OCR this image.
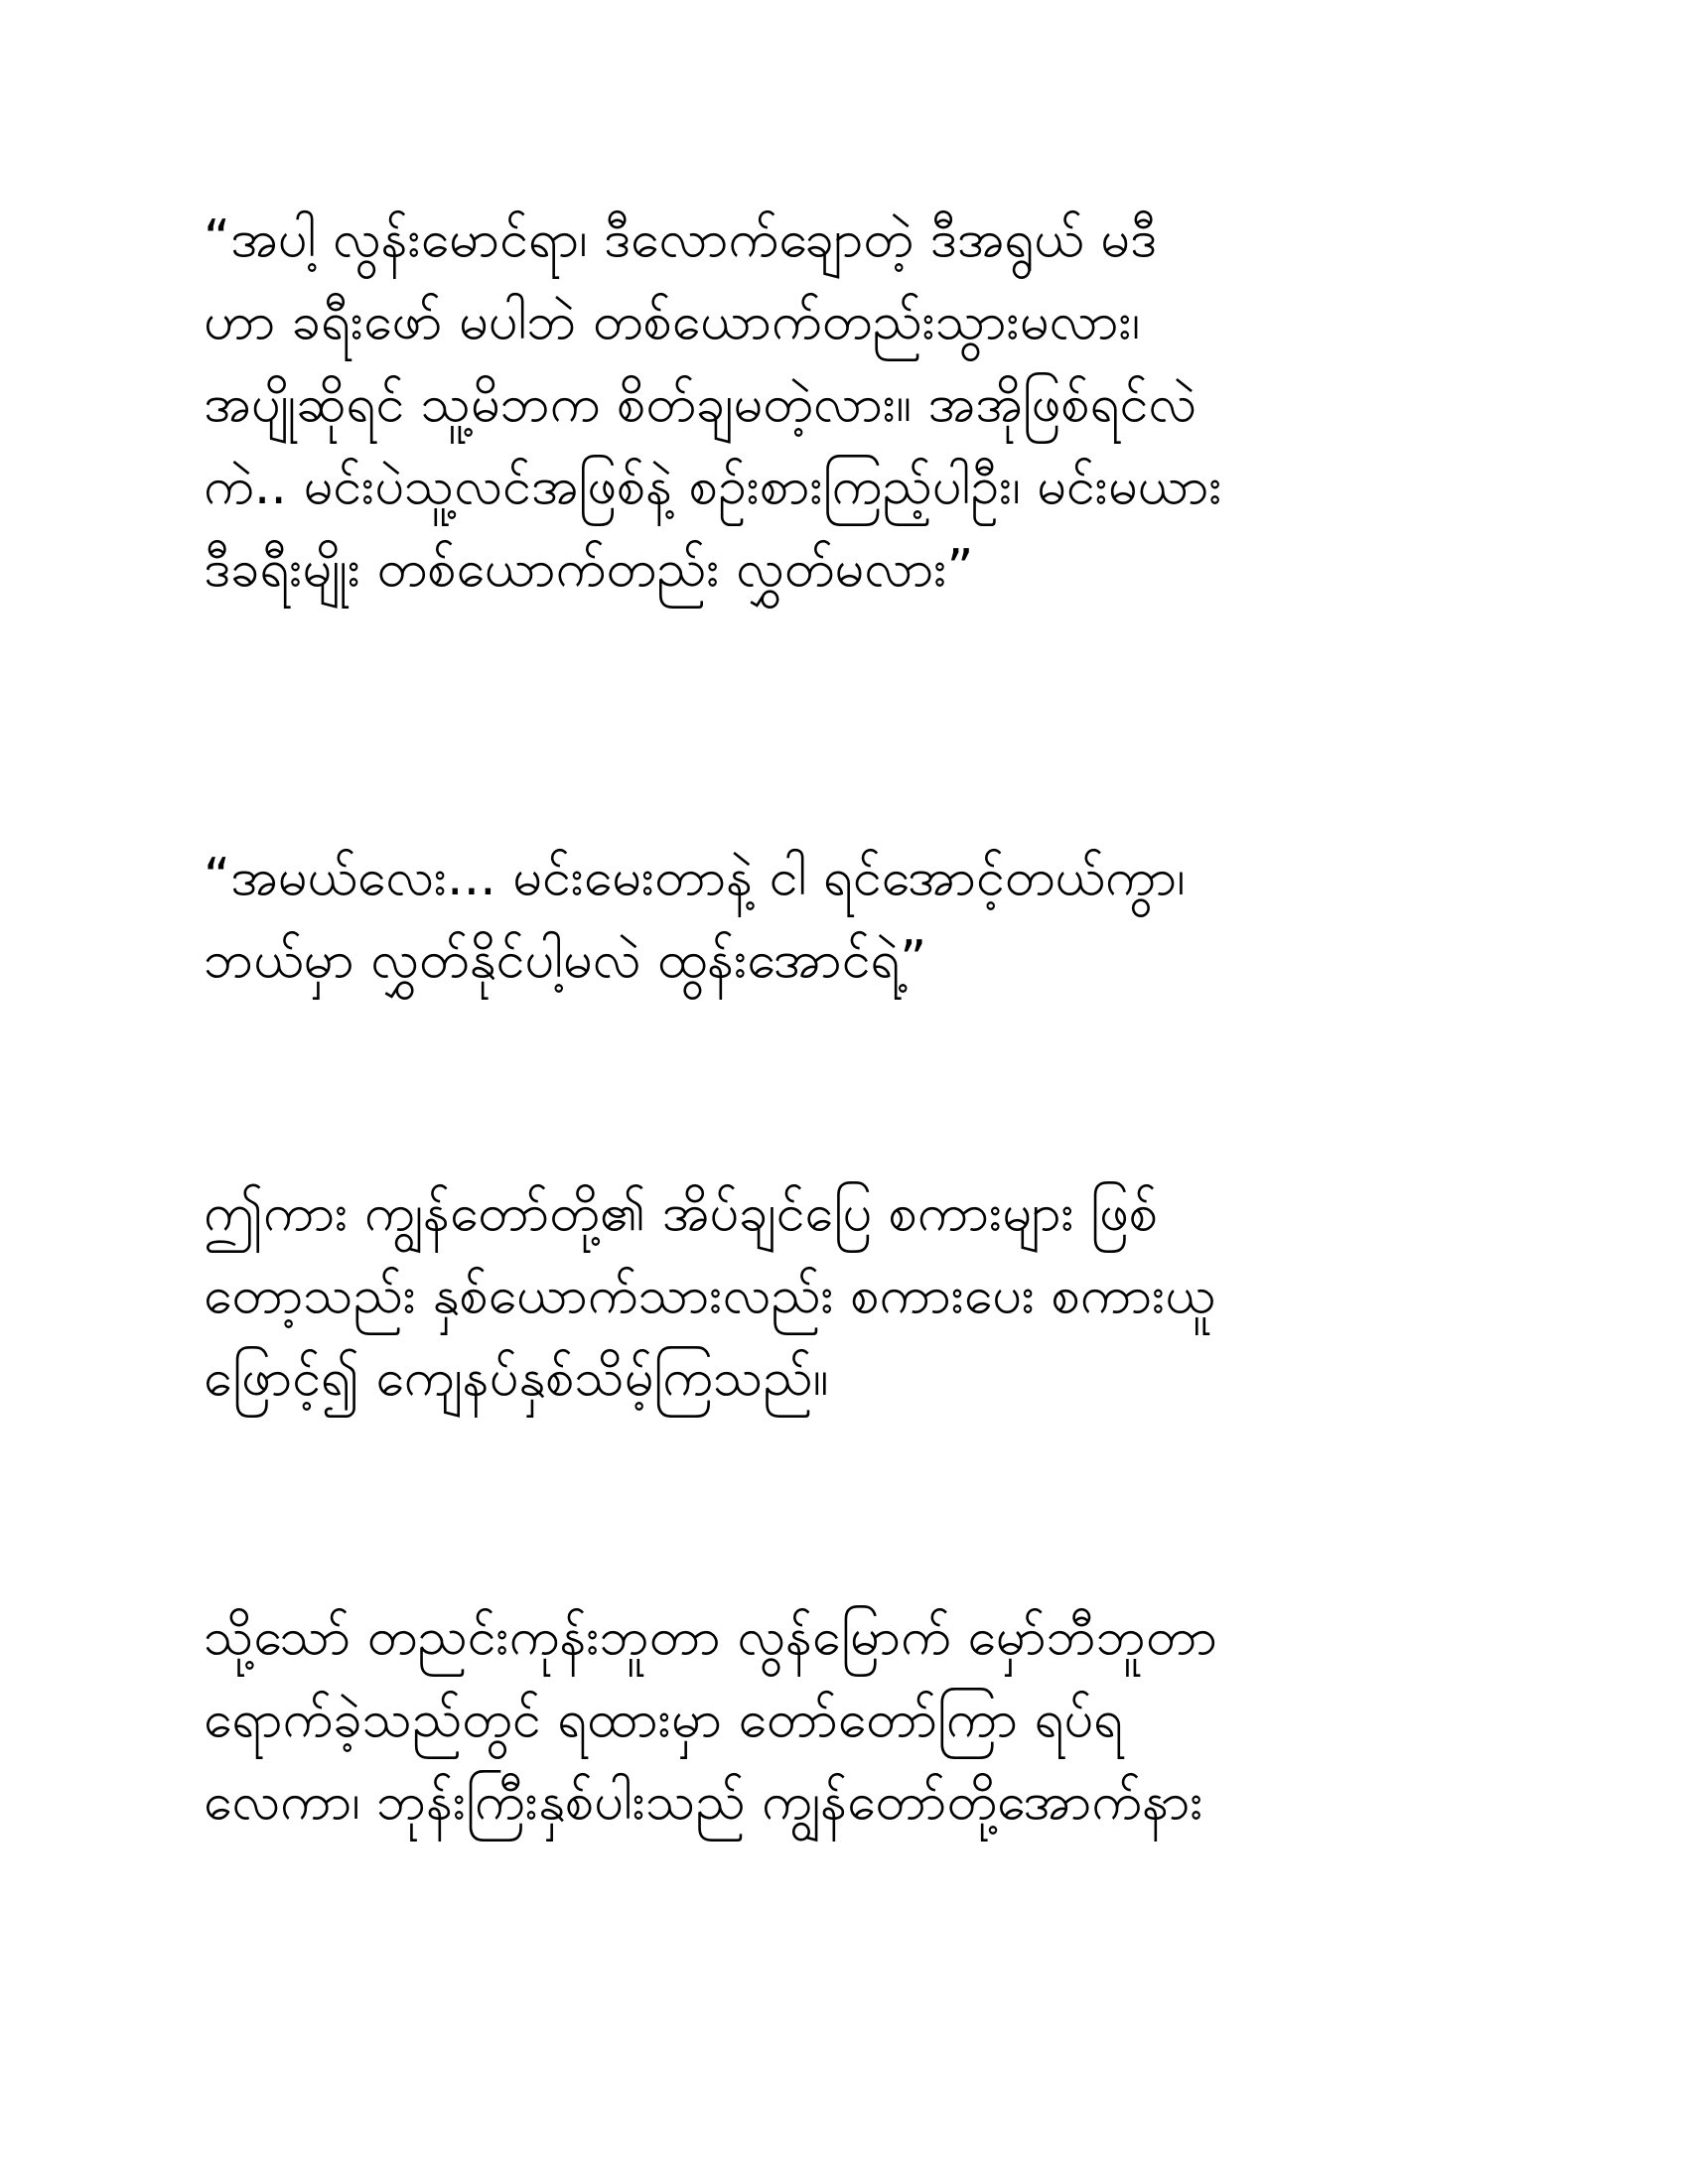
“အပါ့ လွန်းမောင်ရာ၊ ဒီလောက်ချောတဲ့ ဒီအရွယ် မဒီ
ဟာ ခရီးဖော် မပါဘဲ တစ်ယောက်တည်းသွားမလား၊
အပျိုဆိုရင် သူ့မိဘက စိတ်ချမတဲ့လား။ အအိုဖြစ်ရင်လဲ
ကဲ.. မင်းပဲသူ့လင်အဖြစ်နဲ့ စဉ်းစားကြည့်ပါဦး၊ မင်းမယား
ဒီခရီးမျိုး တစ်ယောက်တည်း လွှတ်မလား”
“အမယ်လေး... မင်းမေးတာနဲ့ ငါ ရင်အောင့်တယ်ကွာ၊
ဘယ်မှာ လွှတ်နိုင်ပါ့မလဲ ထွန်းအောင်ရဲ့”
ဤကား ကျွန်တော်တို့၏ အိပ်ချင်ပြေ စကားများ ဖြစ်
တော့သည်း နှစ်ယောက်သားလည်း စကားပေး စကားယူ
ဖြောင့်၍ ကျေနပ်နှစ်သိမ့်ကြသည်။
သို့သော် တညင်းကုန်းဘူတာ လွန်မြောက် မှော်ဘီဘူတာ
ရောက်ခဲ့သည်တွင် ရထားမှာ တော်တော်ကြာ ရပ်ရ
လေကာ၊ ဘုန်းကြီးနှစ်ပါးသည် ကျွန်တော်တို့အောက်နား
